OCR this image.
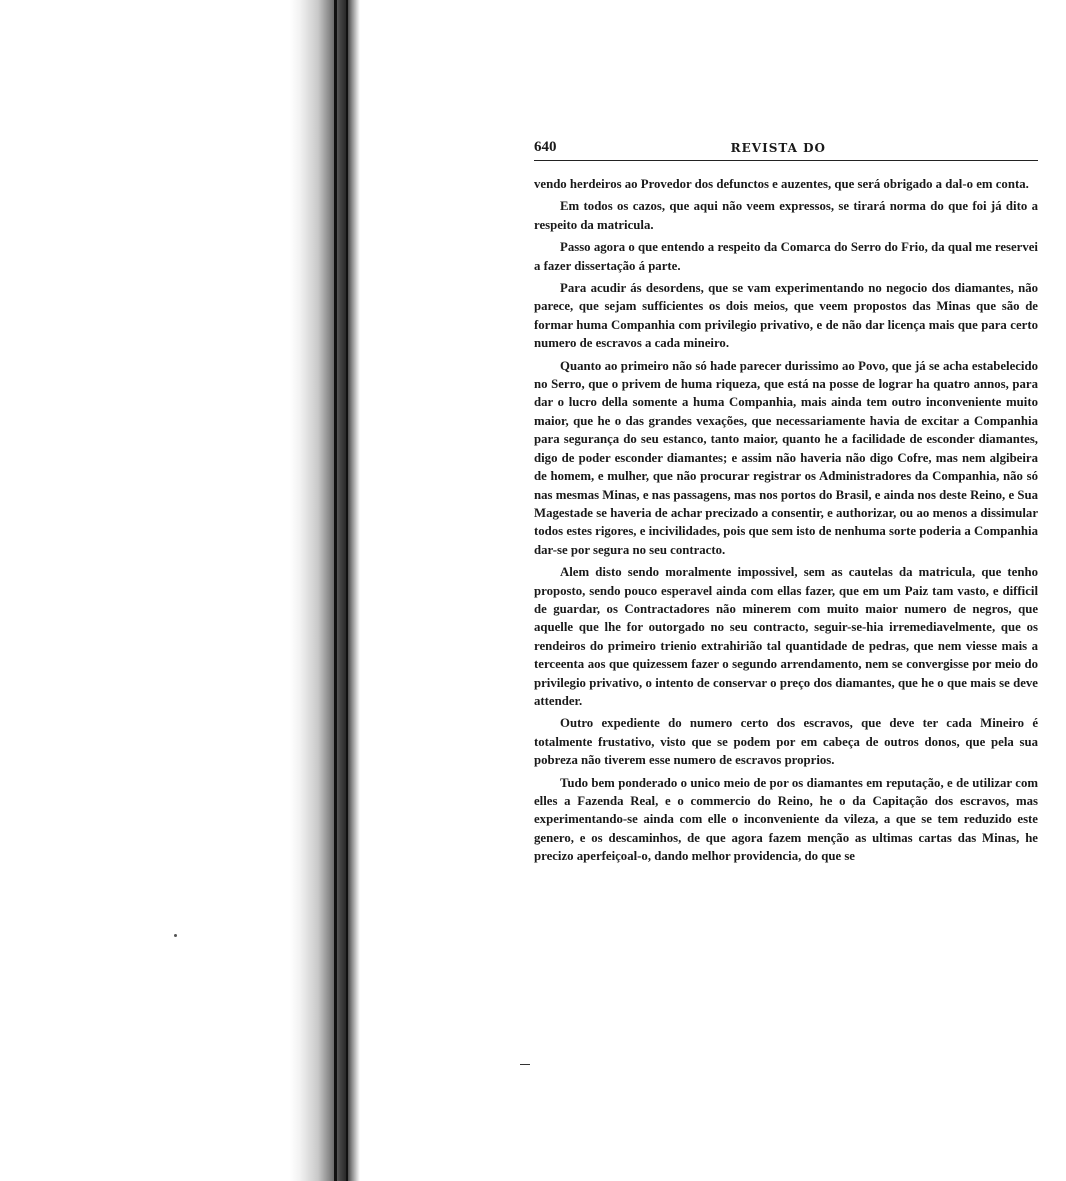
640	REVISTA DO

vendo herdeiros ao Provedor dos defunctos e auzentes, que será obrigado a dal-o em conta.

Em todos os cazos, que aqui não veem expressos, se tirará norma do que foi já dito a respeito da matricula.

Passo agora o que entendo a respeito da Comarca do Serro do Frio, da qual me reservei a fazer dissertação á parte.

Para acudir ás desordens, que se vam experimentando no negocio dos diamantes, não parece, que sejam sufficientes os dois meios, que veem propostos das Minas que são de formar huma Companhia com privilegio privativo, e de não dar licença mais que para certo numero de escravos a cada mineiro.

Quanto ao primeiro não só hade parecer durissimo ao Povo, que já se acha estabelecido no Serro, que o privem de huma riqueza, que está na posse de lograr ha quatro annos, para dar o lucro della somente a huma Companhia, mais ainda tem outro inconveniente muito maior, que he o das grandes vexações, que necessariamente havia de excitar a Companhia para segurança do seu estanco, tanto maior, quanto he a facilidade de esconder diamantes, digo de poder esconder diamantes; e assim não haveria não digo Cofre, mas nem algibeira de homem, e mulher, que não procurar registrar os Administradores da Companhia, não só nas mesmas Minas, e nas passagens, mas nos portos do Brasil, e ainda nos deste Reino, e Sua Magestade se haveria de achar precizado a consentir, e authorizar, ou ao menos a dissimular todos estes rigores, e incivilidades, pois que sem isto de nenhuma sorte poderia a Companhia dar-se por segura no seu contracto.

Alem disto sendo moralmente impossivel, sem as cautelas da matricula, que tenho proposto, sendo pouco esperavel ainda com ellas fazer, que em um Paiz tam vasto, e difficil de guardar, os Contractadores não minerem com muito maior numero de negros, que aquelle que lhe for outorgado no seu contracto, seguir-se-hia irremediavelmente, que os rendeiros do primeiro trienio extrahirião tal quantidade de pedras, que nem viesse mais a terceenta aos que quizessem fazer o segundo arrendamento, nem se convergisse por meio do privilegio privativo, o intento de conservar o preço dos diamantes, que he o que mais se deve attender.

Outro expediente do numero certo dos escravos, que deve ter cada Mineiro é totalmente frustativo, visto que se podem por em cabeça de outros donos, que pela sua pobreza não tiverem esse numero de escravos proprios.

Tudo bem ponderado o unico meio de por os diamantes em reputação, e de utilizar com elles a Fazenda Real, e o commercio do Reino, he o da Capitação dos escravos, mas experimentando-se ainda com elle o inconveniente da vileza, a que se tem reduzido este genero, e os descaminhos, de que agora fazem menção as ultimas cartas das Minas, he precizo aperfeiçoal-o, dando melhor providencia, do que se
